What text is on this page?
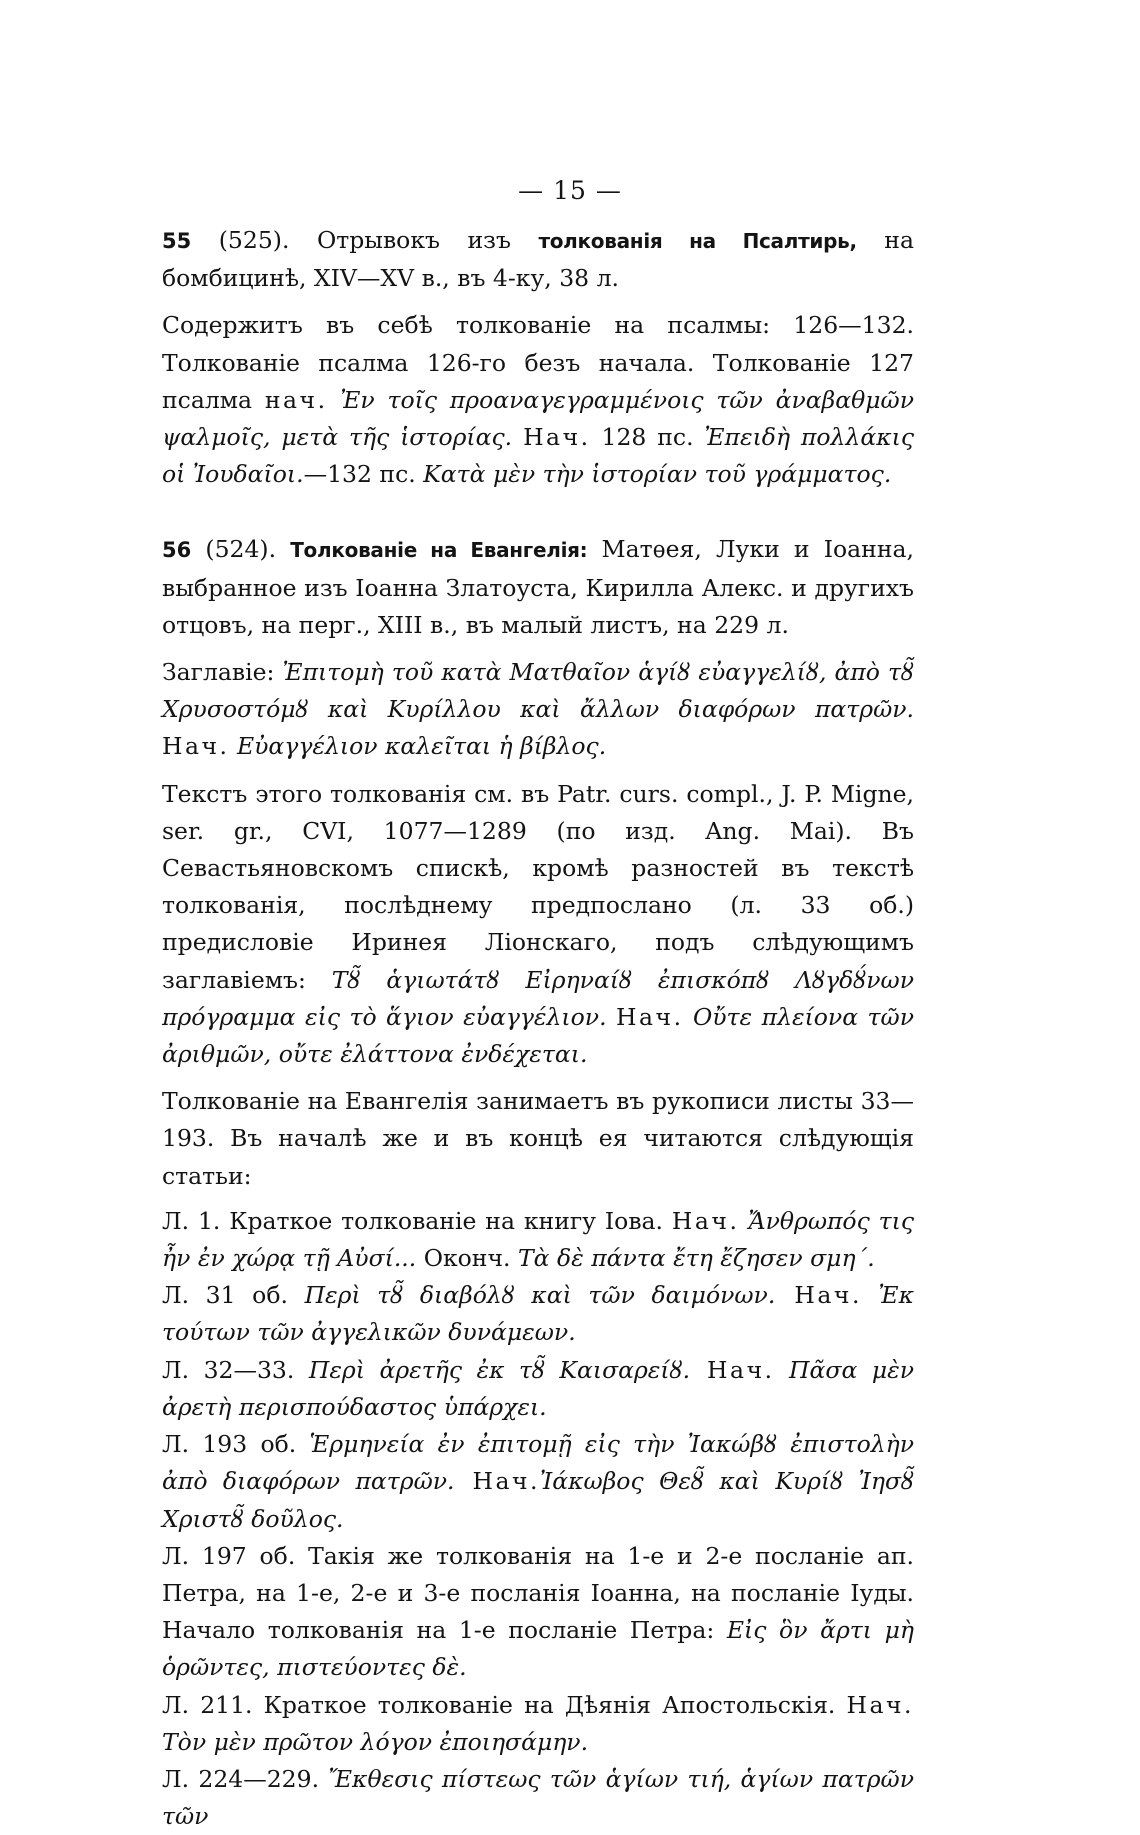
— 15 —

55 (525). Отрывокъ изъ толкованія на Псалтирь, на бомбицинѣ, XIV—XV в., въ 4-ку, 38 л.

Содержитъ въ себѣ толкованіе на псалмы: 126—132. Толкованіе псалма 126-го безъ начала. Толкованіе 127 псалма нач. Ἐν τοῖς προαναγεγραμμένοις τῶν ἀναβαθμῶν ψαλμοῖς, μετὰ τῆς ἱστορίας. Нач. 128 пс. Ἐπειδὴ πολλάκις οἱ Ἰουδαῖοι.—132 пс. Κατὰ μὲν τὴν ἱστορίαν τοῦ γράμματος.

56 (524). Толкованіе на Евангелія: Матѳея, Луки и Іоанна, выбранное изъ Іоанна Златоуста, Кирилла Алекс. и другихъ отцовъ, на перг., XIII в., въ малый листъ, на 229 л.

Заглавіе: Ἐπιτομὴ τοῦ κατὰ Ματθαῖον ἁγίȣ εὐαγγελίȣ, ἀπὸ τȣ̃ Χρυσοστόμȣ καὶ Κυρίλλου καὶ ἄλλων διαφόρων πατρῶν. Нач. Εὐαγγέλιον καλεῖται ἡ βίβλος.

Текстъ этого толкованія см. въ Patr. curs. compl., J. P. Migne, ser. gr., CVI, 1077—1289 (по изд. Ang. Mai). Въ Севастьяновскомъ спискѣ, кромѣ разностей въ текстѣ толкованія, послѣднему предпослано (л. 33 об.) предисловіе Иринея Ліонскаго, подъ слѣдующимъ заглавіемъ: Τȣ̃ ἁγιωτάτȣ Εἰρηναίȣ ἐπισκόπȣ Λȣγδȣ́νων πρόγραμμα εἰς τὸ ἅγιον εὐαγγέλιον. Нач. Οὔτε πλείονα τῶν ἀριθμῶν, οὔτε ἐλάττονα ἐνδέχεται.

Толкованіе на Евангелія занимаетъ въ рукописи листы 33—193. Въ началѣ же и въ концѣ ея читаются слѣдующія статьи:

Л. 1. Краткое толкованіе на книгу Іова. Нач. Ἄνθρωπός τις ἦν ἐν χώρᾳ τῇ Αὐσί... Оконч. Τὰ δὲ πάντα ἔτη ἔζησεν σμη΄.

Л. 31 об. Περὶ τȣ̃ διαβόλȣ καὶ τῶν δαιμόνων. Нач. Ἐκ τούτων τῶν ἀγγελικῶν δυνάμεων.

Л. 32—33. Περὶ ἀρετῆς ἐκ τȣ̃ Καισαρείȣ. Нач. Πᾶσα μὲν ἀρετὴ περισπούδαστος ὑπάρχει.

Л. 193 об. Ἑρμηνεία ἐν ἐπιτομῇ εἰς τὴν Ἰακώβȣ ἐπιστολὴν ἀπὸ διαφόρων πατρῶν. Нач.Ἰάκωβος Θεȣ̃ καὶ Κυρίȣ Ἰησȣ̃ Χριστȣ̃ δοῦλος.

Л. 197 об. Такія же толкованія на 1-е и 2-е посланіе ап. Петра, на 1-е, 2-е и 3-е посланія Іоанна, на посланіе Іуды. Начало толкованія на 1-е посланіе Петра: Εἰς ὃν ἄρτι μὴ ὁρῶντες, πιστεύοντες δὲ.

Л. 211. Краткое толкованіе на Дѣянія Апостольскія. Нач. Τὸν μὲν πρῶτον λόγον ἐποιησάμην.

Л. 224—229. Ἔκθεσις πίστεως τῶν ἁγίων τιή, ἁγίων πατρῶν τῶν
